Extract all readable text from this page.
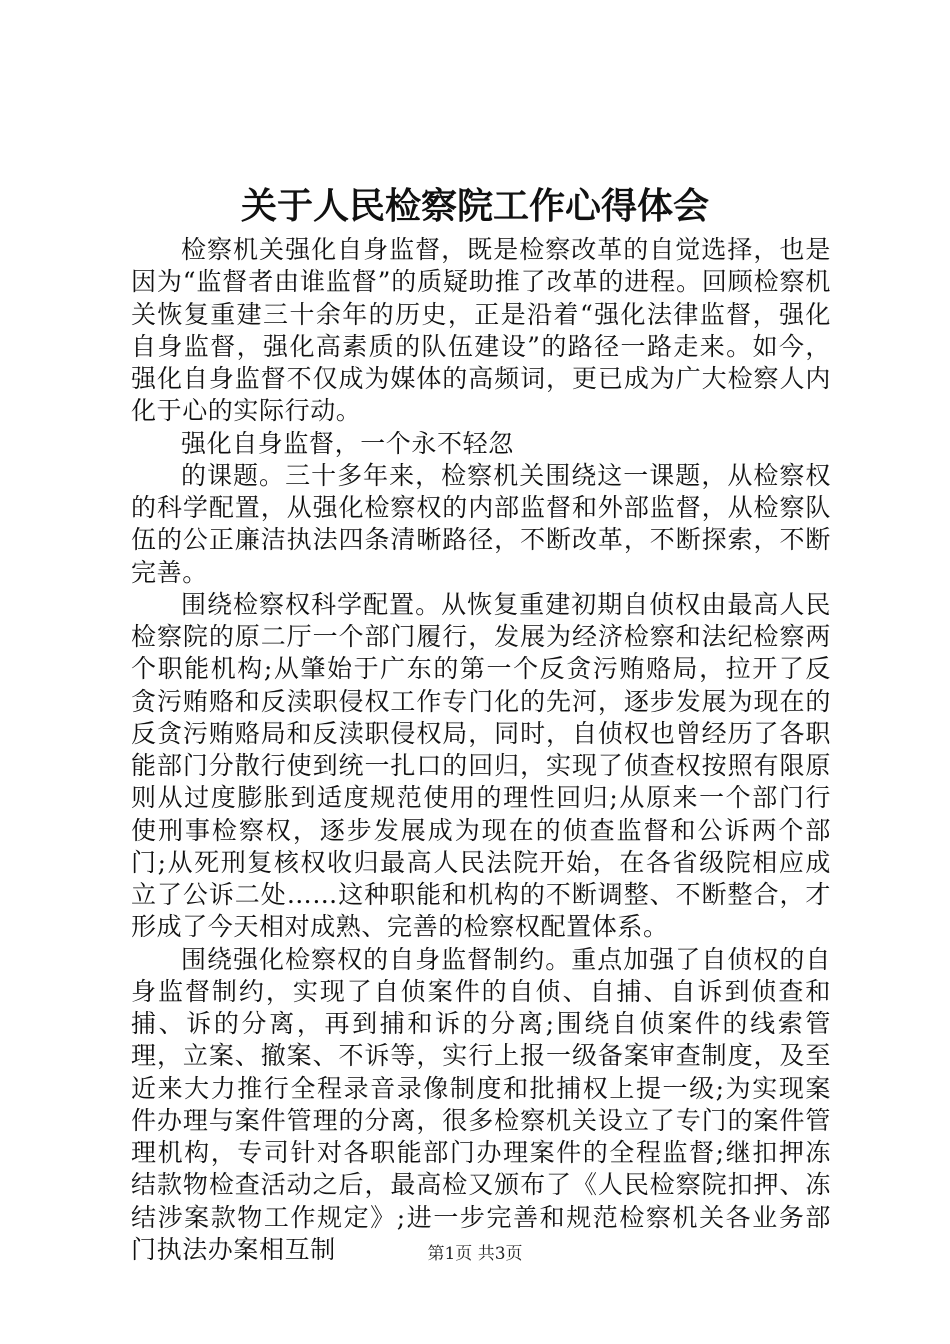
关于人民检察院工作心得体会

检察机关强化自身监督，既是检察改革的自觉选择，也是因为“监督者由谁监督”的质疑助推了改革的进程。回顾检察机关恢复重建三十余年的历史，正是沿着“强化法律监督，强化自身监督，强化高素质的队伍建设”的路径一路走来。如今，强化自身监督不仅成为媒体的高频词，更已成为广大检察人内化于心的实际行动。

强化自身监督，一个永不轻忽

的课题。三十多年来，检察机关围绕这一课题，从检察权的科学配置，从强化检察权的内部监督和外部监督，从检察队伍的公正廉洁执法四条清晰路径，不断改革，不断探索，不断完善。

围绕检察权科学配置。从恢复重建初期自侦权由最高人民检察院的原二厅一个部门履行，发展为经济检察和法纪检察两个职能机构;从肇始于广东的第一个反贪污贿赂局，拉开了反贪污贿赂和反渎职侵权工作专门化的先河，逐步发展为现在的反贪污贿赂局和反渎职侵权局，同时，自侦权也曾经历了各职能部门分散行使到统一扎口的回归，实现了侦查权按照有限原则从过度膨胀到适度规范使用的理性回归;从原来一个部门行使刑事检察权，逐步发展成为现在的侦查监督和公诉两个部门;从死刑复核权收归最高人民法院开始，在各省级院相应成立了公诉二处……这种职能和机构的不断调整、不断整合，才形成了今天相对成熟、完善的检察权配置体系。

围绕强化检察权的自身监督制约。重点加强了自侦权的自身监督制约，实现了自侦案件的自侦、自捕、自诉到侦查和捕、诉的分离，再到捕和诉的分离;围绕自侦案件的线索管理，立案、撤案、不诉等，实行上报一级备案审查制度，及至近来大力推行全程录音录像制度和批捕权上提一级;为实现案件办理与案件管理的分离，很多检察机关设立了专门的案件管理机构，专司针对各职能部门办理案件的全程监督;继扣押冻结款物检查活动之后，最高检又颁布了《人民检察院扣押、冻结涉案款物工作规定》;进一步完善和规范检察机关各业务部门执法办案相互制	第1页 共3页
